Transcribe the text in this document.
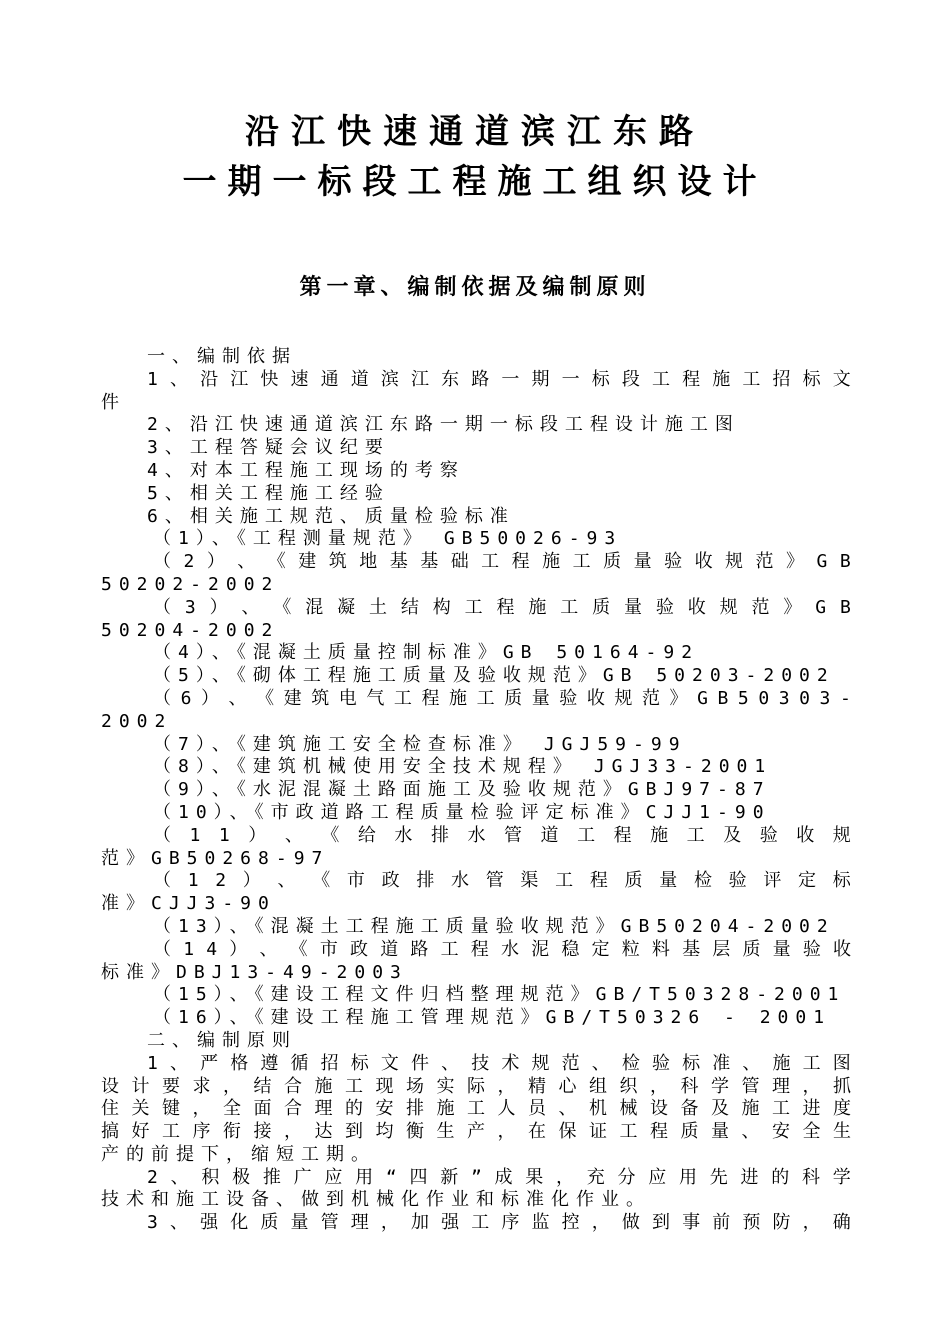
沿江快速通道滨江东路
一期一标段工程施工组织设计
第一章、编制依据及编制原则
一、编制依据
1 、 沿 江 快 速 通 道 滨 江 东 路 一 期 一 标 段 工 程 施 工 招 标 文
件
2、沿江快速通道滨江东路一期一标段工程设计施工图
3、工程答疑会议纪要
4、对本工程施工现场的考察
5、相关工程施工经验
6、相关施工规范、质量检验标准
（1）、《工程测量规范》　GB50026-93
（ 2 ） 、 《 建 筑 地 基 基 础 工 程 施 工 质 量 验 收 规 范 》 G B
50202-2002
（ 3 ） 、 《 混 凝 土 结 构 工 程 施 工 质 量 验 收 规 范 》 G B
50204-2002
（4）、《混凝土质量控制标准》GB 50164-92
（5）、《砌体工程施工质量及验收规范》GB 50203-2002
（ 6 ） 、 《 建 筑 电 气 工 程 施 工 质 量 验 收 规 范 》 G B 5 0 3 0 3 -
2002
（7）、《建筑施工安全检查标准》　JGJ59-99
（8）、《建筑机械使用安全技术规程》　JGJ33-2001
（9）、《水泥混凝土路面施工及验收规范》GBJ97-87
（10）、《市政道路工程质量检验评定标准》CJJ1-90
（ 1 1 ） 、 《 给 水 排 水 管 道 工 程 施 工 及 验 收 规
范》GB50268-97
（ 1 2 ） 、 《 市 政 排 水 管 渠 工 程 质 量 检 验 评 定 标
准》CJJ3-90
（13）、《混凝土工程施工质量验收规范》GB50204-2002
（ 1 4 ） 、 《 市 政 道 路 工 程 水 泥 稳 定 粒 料 基 层 质 量 验 收
标准》DBJ13-49-2003
（15）、《建设工程文件归档整理规范》GB/T50328-2001
（16）、《建设工程施工管理规范》GB/T50326 - 2001
二、编制原则
1 、 严 格 遵 循 招 标 文 件 、 技 术 规 范 、 检 验 标 准 、 施 工 图
设 计 要 求 ， 结 合 施 工 现 场 实 际 ， 精 心 组 织 ， 科 学 管 理 ， 抓
住 关 键 ， 全 面 合 理 的 安 排 施 工 人 员 、 机 械 设 备 及 施 工 进 度
搞 好 工 序 衔 接 ， 达 到 均 衡 生 产 ， 在 保 证 工 程 质 量 、 安 全 生
产的前提下，缩短工期。
2 、 积 极 推 广 应 用 “ 四 新 ” 成 果 ， 充 分 应 用 先 进 的 科 学
技术和施工设备、做到机械化作业和标准化作业。
3 、 强 化 质 量 管 理 ， 加 强 工 序 监 控 ， 做 到 事 前 预 防 ， 确
